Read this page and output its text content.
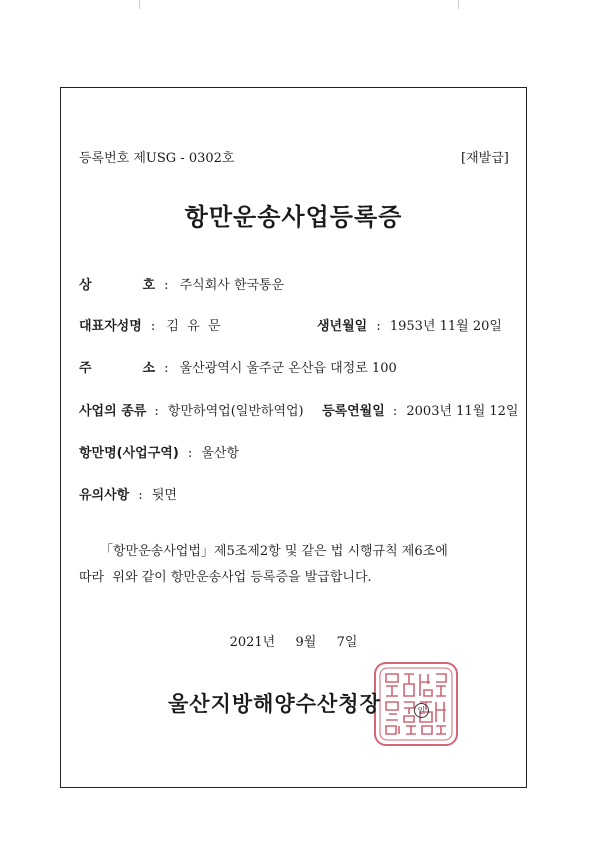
등록번호 제USG - 0302호	[재발급]
항만운송사업등록증
상	호 : 주식회사 한국통운
대표자성명 : 김  유  문	생년월일 : 1953년 11월 20일
주	소 : 울산광역시 울주군 온산읍 대정로 100
사업의 종류 : 항만하역업(일반하역업) 등록연월일 : 2003년 11월 12일
항만명(사업구역) : 울산항
유의사항 : 뒷면
「항만운송사업법」제5조제2항 및 같은 법 시행규칙 제6조에
따라  위와 같이 항만운송사업 등록증을 발급합니다.
2021년  9월  7일
울산지방해양수산청장	인
